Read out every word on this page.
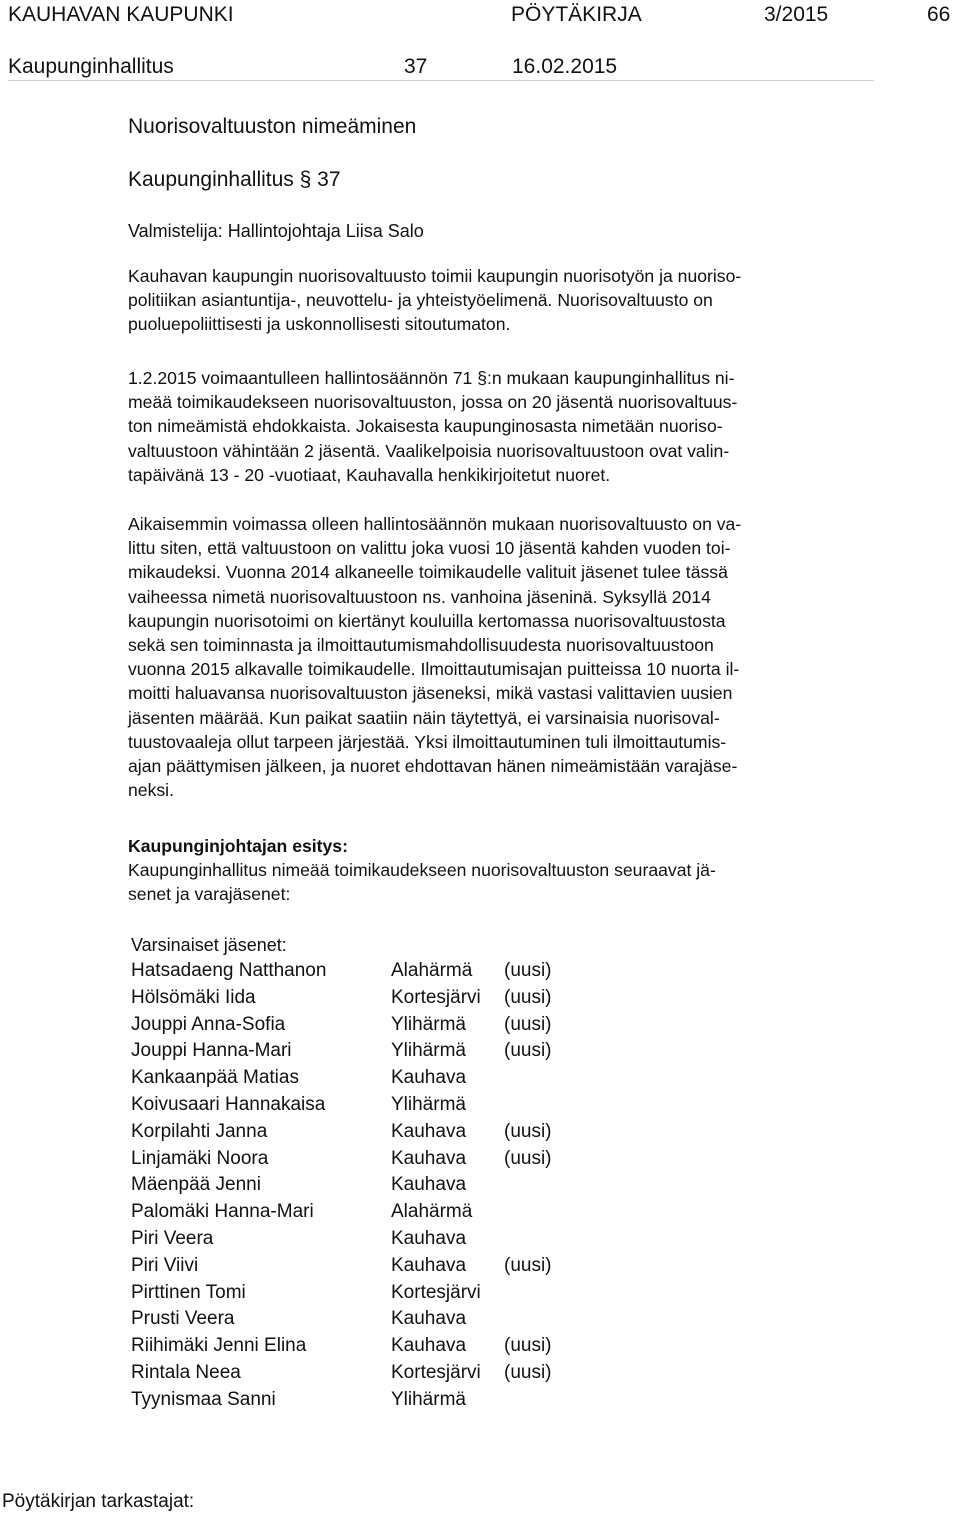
KAUHAVAN KAUPUNKI	PÖYTÄKIRJA	3/2015	66
Kaupunginhallitus	37	16.02.2015
Nuorisovaltuuston nimeäminen
Kaupunginhallitus § 37
Valmistelija: Hallintojohtaja Liisa Salo
Kauhavan kaupungin nuorisovaltuusto toimii kaupungin nuorisotyön ja nuoriso-
politiikan asiantuntija-, neuvottelu- ja yhteistyöelimenä. Nuorisovaltuusto on
puoluepoliittisesti ja uskonnollisesti sitoutumaton.
1.2.2015 voimaantulleen hallintosäännön 71 §:n mukaan kaupunginhallitus ni-
meää toimikaudekseen nuorisovaltuuston, jossa on 20 jäsentä nuorisovaltuus-
ton nimeämistä ehdokkaista. Jokaisesta kaupunginosasta nimetään nuoriso-
valtuustoon vähintään 2 jäsentä. Vaalikelpoisia nuorisovaltuustoon ovat valin-
tapäivänä 13 - 20 -vuotiaat, Kauhavalla henkikirjoitetut nuoret.
Aikaisemmin voimassa olleen hallintosäännön mukaan nuorisovaltuusto on va-
littu siten, että valtuustoon on valittu joka vuosi 10 jäsentä kahden vuoden toi-
mikaudeksi. Vuonna 2014 alkaneelle toimikaudelle valituit jäsenet tulee tässä
vaiheessa nimetä nuorisovaltuustoon ns. vanhoina jäseninä. Syksyllä 2014
kaupungin nuorisotoimi on kiertänyt kouluilla kertomassa nuorisovaltuustosta
sekä sen toiminnasta ja ilmoittautumismahdollisuudesta nuorisovaltuustoon
vuonna 2015 alkavalle toimikaudelle. Ilmoittautumisajan puitteissa 10 nuorta il-
moitti haluavansa nuorisovaltuuston jäseneksi, mikä vastasi valittavien uusien
jäsenten määrää. Kun paikat saatiin näin täytettyä, ei varsinaisia nuorisoval-
tuustovaaleja ollut tarpeen järjestää. Yksi ilmoittautuminen tuli ilmoittautumis-
ajan päättymisen jälkeen, ja nuoret ehdottavan hänen nimeämistään varajäse-
neksi.
Kaupunginjohtajan esitys:
Kaupunginhallitus nimeää toimikaudekseen nuorisovaltuuston seuraavat jä-
senet ja varajäsenet:
Varsinaiset jäsenet:
Hatsadaeng Natthanon	Alahärmä	(uusi)
Hölsömäki Iida	Kortesjärvi	(uusi)
Jouppi Anna-Sofia	Ylihärmä	(uusi)
Jouppi Hanna-Mari	Ylihärmä	(uusi)
Kankaanpää Matias	Kauhava
Koivusaari Hannakaisa	Ylihärmä
Korpilahti Janna	Kauhava	(uusi)
Linjamäki Noora	Kauhava	(uusi)
Mäenpää Jenni	Kauhava
Palomäki Hanna-Mari	Alahärmä
Piri Veera	Kauhava
Piri Viivi	Kauhava	(uusi)
Pirttinen Tomi	Kortesjärvi
Prusti Veera	Kauhava
Riihimäki Jenni Elina	Kauhava	(uusi)
Rintala Neea	Kortesjärvi	(uusi)
Tyynismaa Sanni	Ylihärmä
Pöytäkirjan tarkastajat:
